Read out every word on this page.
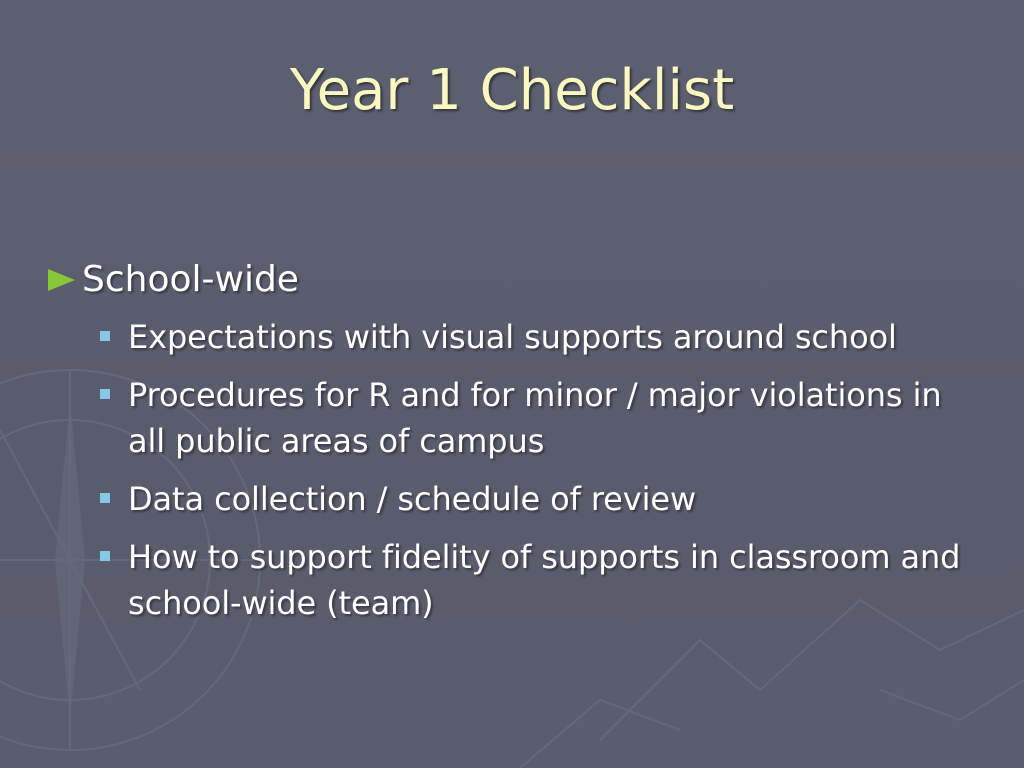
Year 1 Checklist
School-wide
Expectations with visual supports around school
Procedures for R and for minor / major violations in all public areas of campus
Data collection / schedule of review
How to support fidelity of supports in classroom and school-wide (team)
